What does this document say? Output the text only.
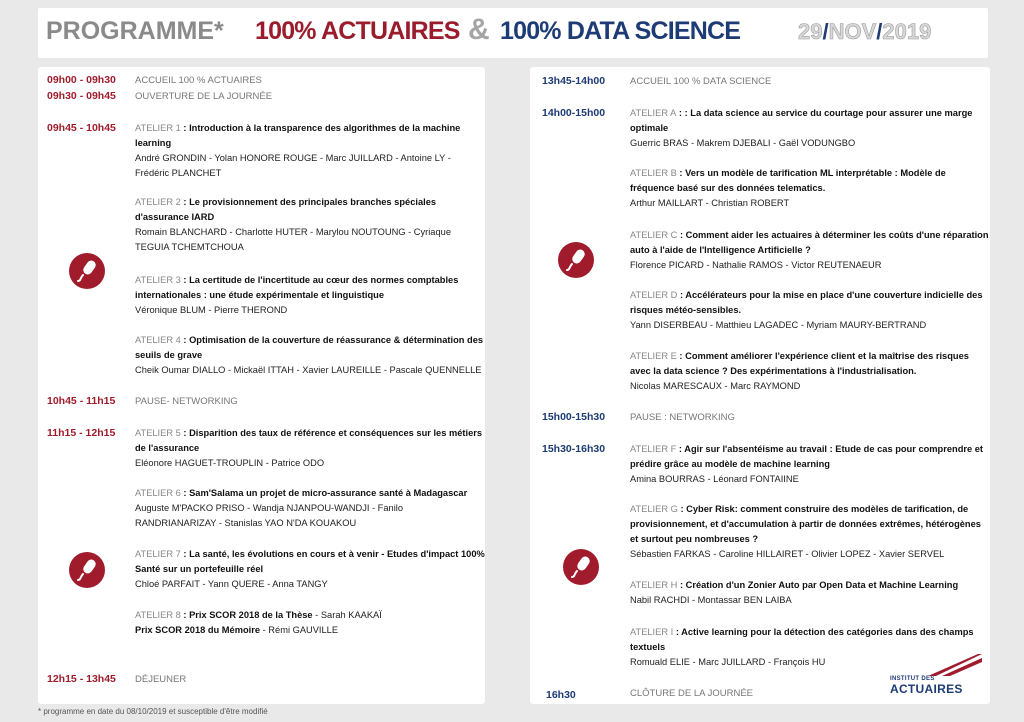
PROGRAMME* 100% ACTUAIRES & 100% DATA SCIENCE	29/NOV/2019
09h00 - 09h30 ACCUEIL 100 % ACTUAIRES
09h30 - 09h45 OUVERTURE DE LA JOURNÉE
09h45 - 10h45 ATELIER 1 : Introduction à la transparence des algorithmes de la machine learning
André GRONDIN - Yolan HONORE ROUGE - Marc JUILLARD - Antoine LY - Frédéric PLANCHET
ATELIER 2 : Le provisionnement des principales branches spéciales d'assurance IARD
Romain BLANCHARD - Charlotte HUTER - Marylou NOUTOUNG - Cyriaque TEGUIA TCHEMTCHOUA
ATELIER 3 : La certitude de l'incertitude au cœur des normes comptables internationales : une étude expérimentale et linguistique
Véronique BLUM - Pierre THEROND
ATELIER 4 : Optimisation de la couverture de réassurance & détermination des seuils de grave
Cheik Oumar DIALLO - Mickaël ITTAH - Xavier LAUREILLE - Pascale QUENNELLE
10h45 - 11h15 PAUSE- NETWORKING
11h15 - 12h15 ATELIER 5 : Disparition des taux de référence et conséquences sur les métiers de l'assurance
Eléonore HAGUET-TROUPLIN - Patrice ODO
ATELIER 6 : Sam'Salama un projet de micro-assurance santé à Madagascar
Auguste M'PACKO PRISO - Wandja NJANPOU-WANDJI - Fanilo RANDRIANARIZAY - Stanislas YAO N'DA KOUAKOU
ATELIER 7 : La santé, les évolutions en cours et à venir - Etudes d'impact 100% Santé sur un portefeuille réel
Chloé PARFAIT - Yann QUERE - Anna TANGY
ATELIER 8 : Prix SCOR 2018 de la Thèse - Sarah KAAKAÏ
Prix SCOR 2018 du Mémoire - Rémi GAUVILLE
12h15 - 13h45 DÉJEUNER
13h45-14h00	ACCUEIL 100 % DATA SCIENCE
14h00-15h00	ATELIER A : : La data science au service du courtage pour assurer une marge optimale
Guerric BRAS - Makrem DJEBALI - Gaël VODUNGBO
ATELIER B : Vers un modèle de tarification ML interprétable : Modèle de fréquence basé sur des données telematics.
Arthur MAILLART - Christian ROBERT
ATELIER C : Comment aider les actuaires à déterminer les coûts d'une réparation auto à l'aide de l'Intelligence Artificielle ?
Florence PICARD - Nathalie RAMOS - Victor REUTENAEUR
ATELIER D : Accélérateurs pour la mise en place d'une couverture indicielle des risques météo-sensibles.
Yann DISERBEAU - Matthieu LAGADEC - Myriam MAURY-BERTRAND
ATELIER E : Comment améliorer l'expérience client et la maîtrise des risques avec la data science ? Des expérimentations à l'industrialisation.
Nicolas MARESCAUX - Marc RAYMOND
15h00-15h30	PAUSE : NETWORKING
15h30-16h30	ATELIER F : Agir sur l'absentéisme au travail : Etude de cas pour comprendre et prédire grâce au modèle de machine learning
Amina BOURRAS - Léonard FONTAIINE
ATELIER G : Cyber Risk: comment construire des modèles de tarification, de provisionnement, et d'accumulation à partir de données extrêmes, hétérogènes et surtout peu nombreuses ?
Sébastien FARKAS - Caroline HILLAIRET - Olivier LOPEZ - Xavier SERVEL
ATELIER H : Création d'un Zonier Auto par Open Data et Machine Learning
Nabil RACHDI - Montassar BEN LAIBA
ATELIER I : Active learning pour la détection des catégories dans des champs textuels
Romuald ELIE - Marc JUILLARD - François HU
16h30	CLÔTURE DE LA JOURNÉE
INSTITUT DES
ACTUAIRES
* programme en date du 08/10/2019 et susceptible d'être modifié
